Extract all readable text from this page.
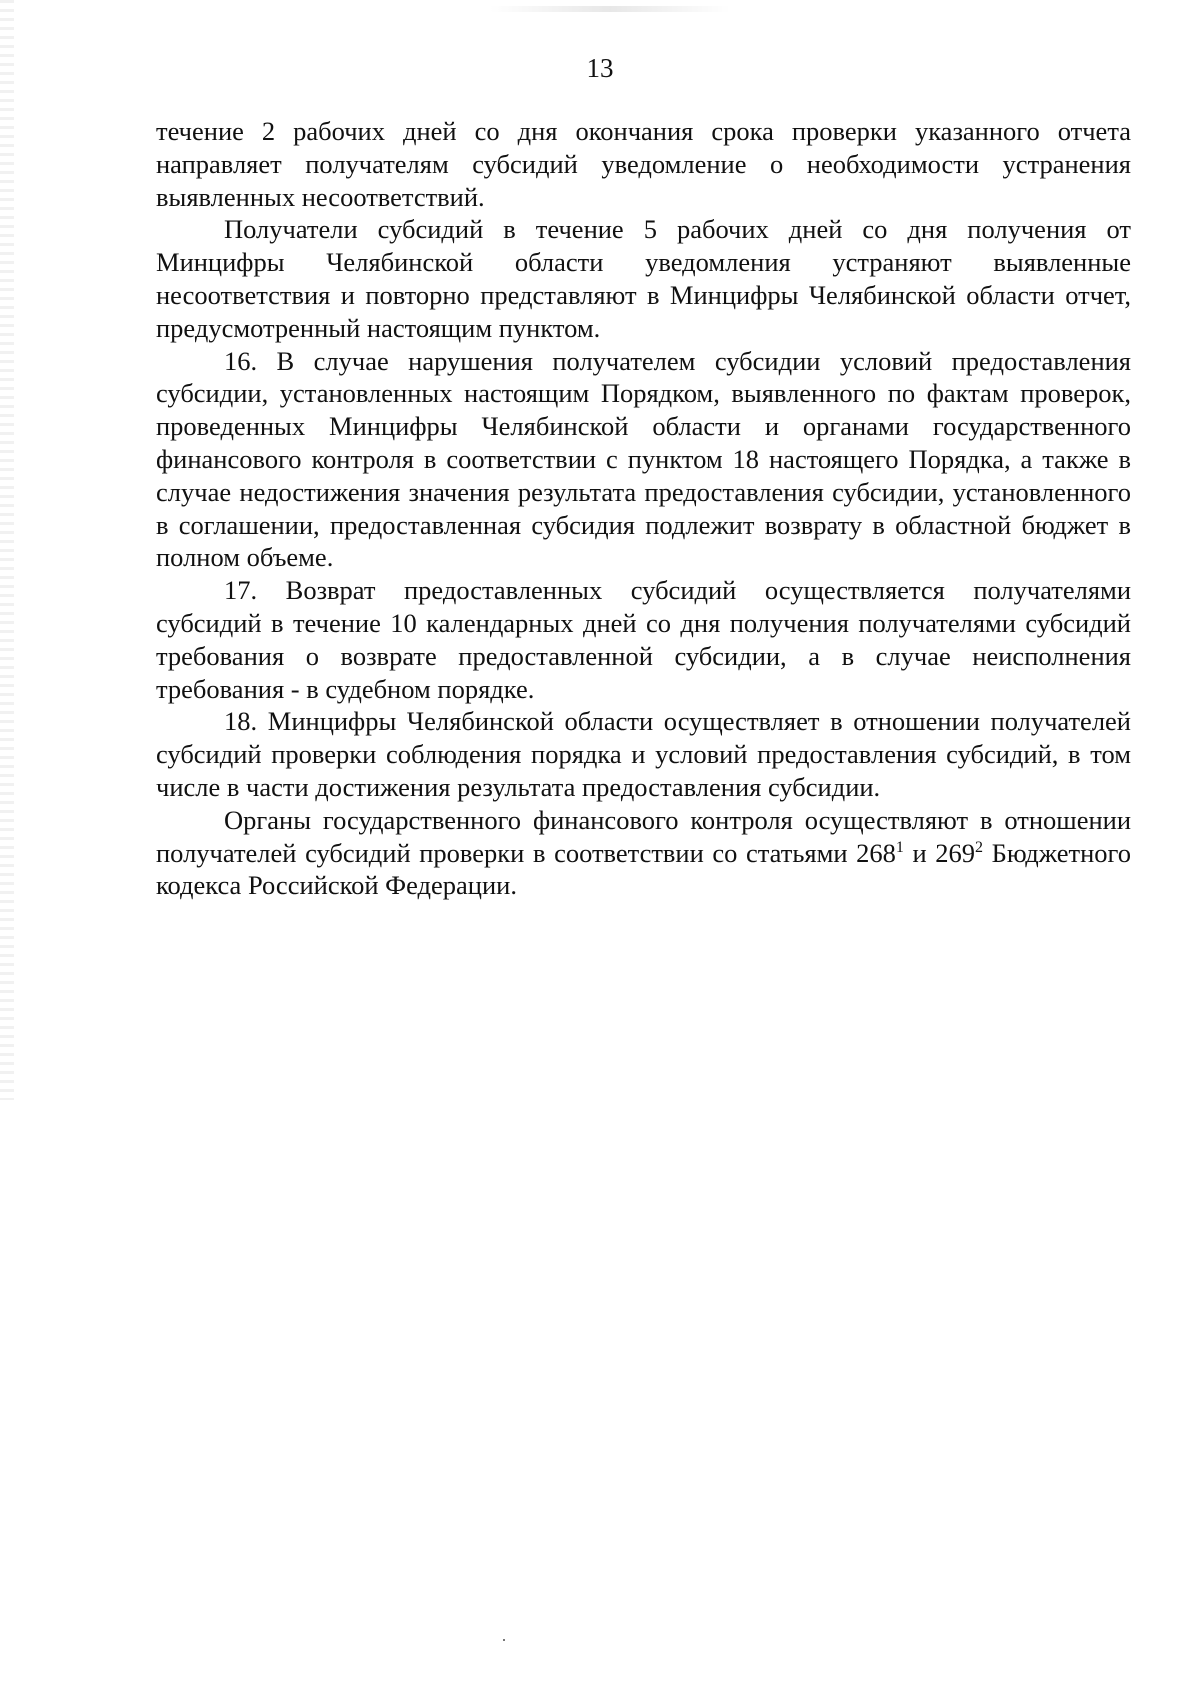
13

течение 2 рабочих дней со дня окончания срока проверки указанного отчета направляет получателям субсидий уведомление о необходимости устранения выявленных несоответствий.

Получатели субсидий в течение 5 рабочих дней со дня получения от Минцифры Челябинской области уведомления устраняют выявленные несоответствия и повторно представляют в Минцифры Челябинской области отчет, предусмотренный настоящим пунктом.

16. В случае нарушения получателем субсидии условий предоставления субсидии, установленных настоящим Порядком, выявленного по фактам проверок, проведенных Минцифры Челябинской области и органами государственного финансового контроля в соответствии с пунктом 18 настоящего Порядка, а также в случае недостижения значения результата предоставления субсидии, установленного в соглашении, предоставленная субсидия подлежит возврату в областной бюджет в полном объеме.

17. Возврат предоставленных субсидий осуществляется получателями субсидий в течение 10 календарных дней со дня получения получателями субсидий требования о возврате предоставленной субсидии, а в случае неисполнения требования - в судебном порядке.

18. Минцифры Челябинской области осуществляет в отношении получателей субсидий проверки соблюдения порядка и условий предоставления субсидий, в том числе в части достижения результата предоставления субсидии.

Органы государственного финансового контроля осуществляют в отношении получателей субсидий проверки в соответствии со статьями 268$^1$ и 269$^2$ Бюджетного кодекса Российской Федерации.
